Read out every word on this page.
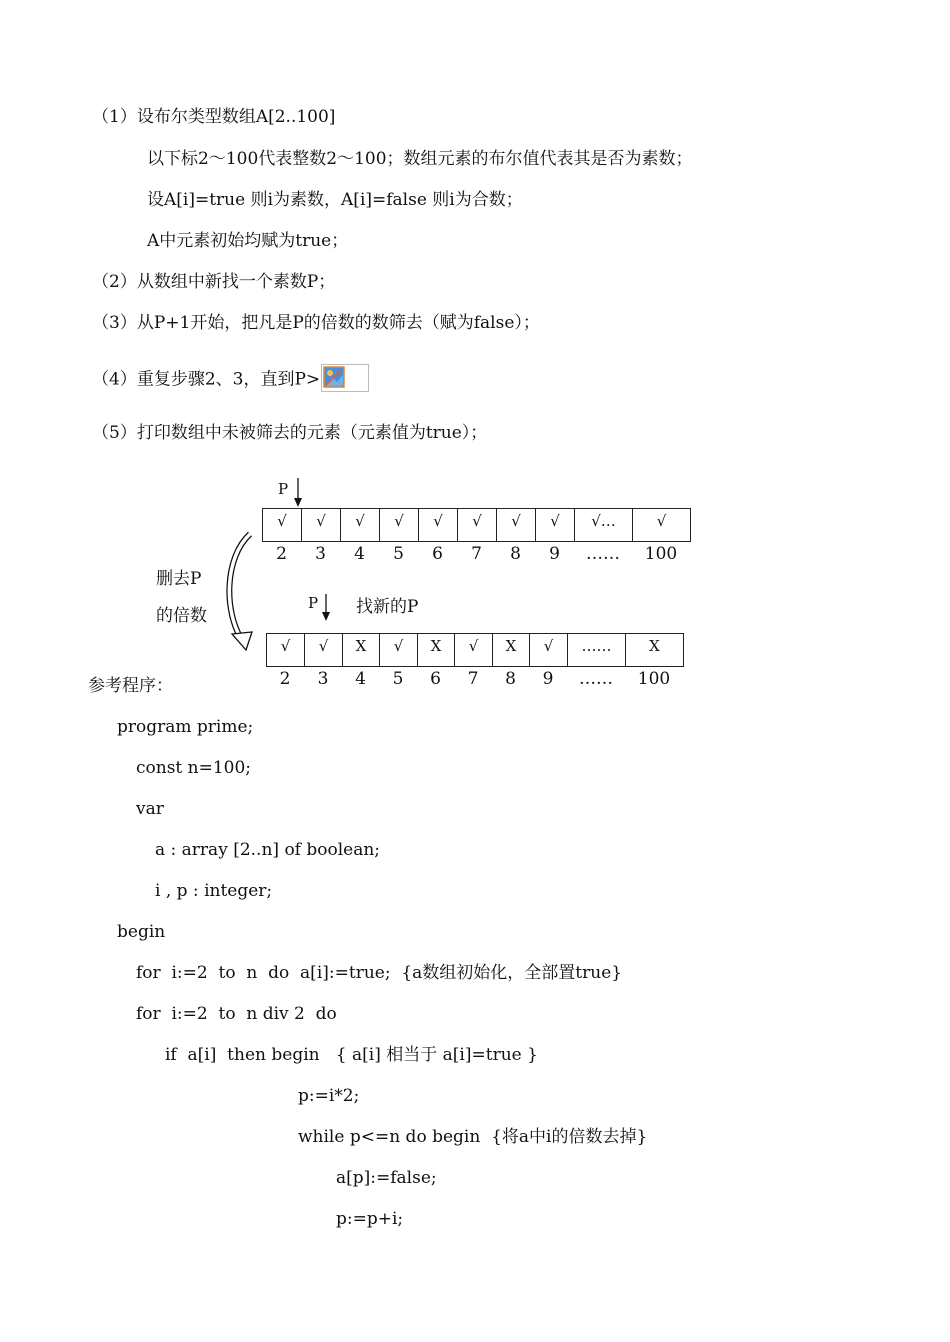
（1）设布尔类型数组A[2..100]
以下标2～100代表整数2～100；数组元素的布尔值代表其是否为素数；
设A[i]=true 则i为素数，A[i]=false 则i为合数；
A中元素初始均赋为true；
（2）从数组中新找一个素数P；
（3）从P+1开始，把凡是P的倍数的数筛去（赋为false）；
（4）重复步骤2、3，直到P>
（5）打印数组中未被筛去的元素（元素值为true）；
P
√	√	√	√	√	√	√	√	√…	√
2	3	4	5	6	7	8	9	……	100
删去P
的倍数
P 找新的P
√	√	X	√	X	√	X	√	……	X
2	3	4	5	6	7	8	9	……	100
参考程序：
program prime;
const n=100;
var
a : array [2..n] of boolean;
i , p : integer;
begin
for  i:=2  to  n  do  a[i]:=true;  {a数组初始化，全部置true}
for  i:=2  to  n div 2  do
if  a[i]  then begin   { a[i] 相当于 a[i]=true }
p:=i*2;
while p<=n do begin  {将a中i的倍数去掉}
a[p]:=false;
p:=p+i;
